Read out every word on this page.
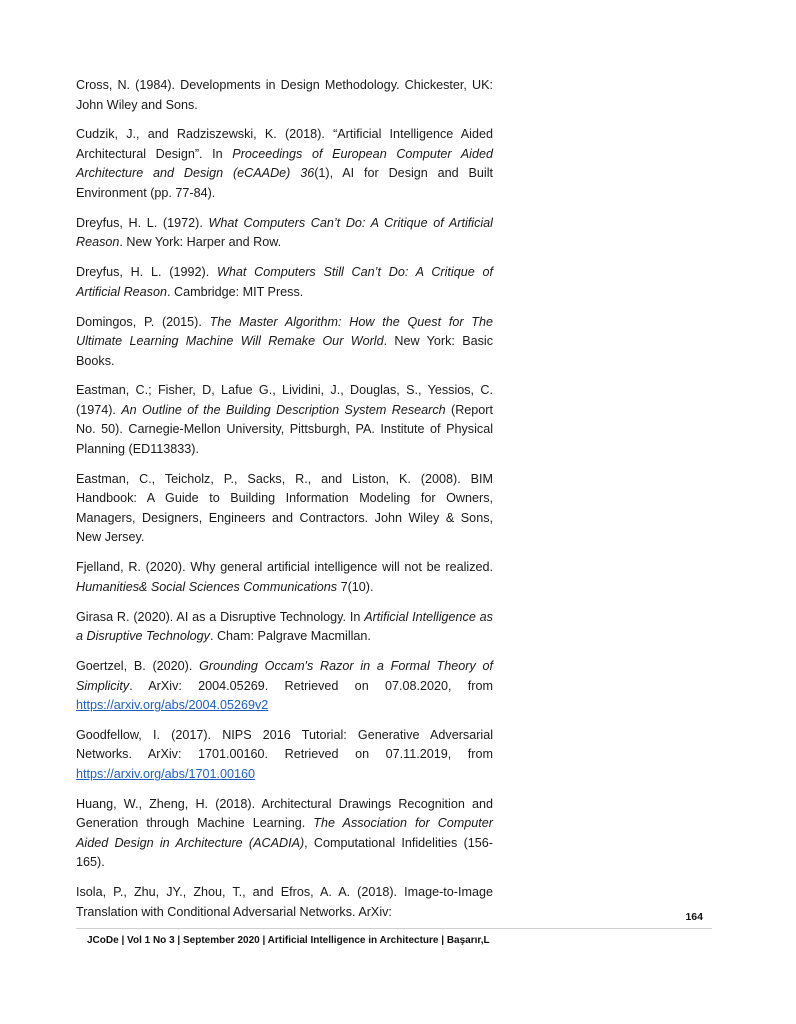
Cross, N. (1984). Developments in Design Methodology. Chickester, UK: John Wiley and Sons.

Cudzik, J., and Radziszewski, K. (2018). “Artificial Intelligence Aided Architectural Design”. In Proceedings of European Computer Aided Architecture and Design (eCAADe) 36(1), AI for Design and Built Environment (pp. 77-84).

Dreyfus, H. L. (1972). What Computers Can’t Do: A Critique of Artificial Reason. New York: Harper and Row.

Dreyfus, H. L. (1992). What Computers Still Can’t Do: A Critique of Artificial Reason. Cambridge: MIT Press.

Domingos, P. (2015). The Master Algorithm: How the Quest for The Ultimate Learning Machine Will Remake Our World. New York: Basic Books.

Eastman, C.; Fisher, D, Lafue G., Lividini, J., Douglas, S., Yessios, C. (1974). An Outline of the Building Description System Research (Report No. 50). Carnegie-Mellon University, Pittsburgh, PA. Institute of Physical Planning (ED113833).

Eastman, C., Teicholz, P., Sacks, R., and Liston, K. (2008). BIM Handbook: A Guide to Building Information Modeling for Owners, Managers, Designers, Engineers and Contractors. John Wiley & Sons, New Jersey.

Fjelland, R. (2020). Why general artificial intelligence will not be realized. Humanities& Social Sciences Communications 7(10).

Girasa R. (2020). AI as a Disruptive Technology. In Artificial Intelligence as a Disruptive Technology. Cham: Palgrave Macmillan.

Goertzel, B. (2020). Grounding Occam's Razor in a Formal Theory of Simplicity. ArXiv: 2004.05269. Retrieved on 07.08.2020, from https://arxiv.org/abs/2004.05269v2

Goodfellow, I. (2017). NIPS 2016 Tutorial: Generative Adversarial Networks. ArXiv: 1701.00160. Retrieved on 07.11.2019, from https://arxiv.org/abs/1701.00160

Huang, W., Zheng, H. (2018). Architectural Drawings Recognition and Generation through Machine Learning. The Association for Computer Aided Design in Architecture (ACADIA), Computational Infidelities (156-165).

Isola, P., Zhu, JY., Zhou, T., and Efros, A. A. (2018). Image-to-Image Translation with Conditional Adversarial Networks. ArXiv:	164
JCoDe | Vol 1 No 3 | September 2020 | Artificial Intelligence in Architecture | Başarır,L
